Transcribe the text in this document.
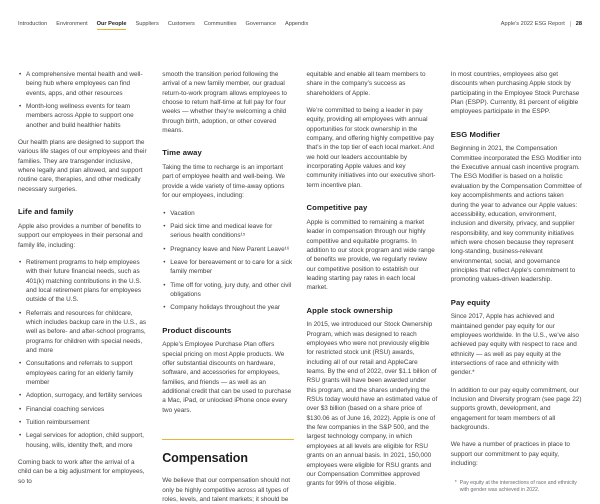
Introduction Environment Our People Suppliers Customers Communities Governance Appendix	Apple’s 2022 ESG Report 28
• A comprehensive mental health and well-being hub where employees can find events, apps, and other resources
• Month-long wellness events for team members across Apple to support one another and build healthier habits

Our health plans are designed to support the various life stages of our employees and their families. They are transgender inclusive, where legally and plan allowed, and support routine care, therapies, and other medically necessary surgeries.

Life and family

Apple also provides a number of benefits to support our employees in their personal and family life, including:

• Retirement programs to help employees with their future financial needs, such as 401(k) matching contributions in the U.S. and local retirement plans for employees outside of the U.S.
• Referrals and resources for childcare, which includes backup care in the U.S., as well as before- and after-school programs, programs for children with special needs, and more
• Consultations and referrals to support employees caring for an elderly family member
• Adoption, surrogacy, and fertility services
• Financial coaching services
• Tuition reimbursement
• Legal services for adoption, child support, housing, wills, identity theft, and more

Coming back to work after the arrival of a child can be a big adjustment for employees, so to

smooth the transition period following the arrival of a new family member, our gradual return-to-work program allows employees to choose to return half-time at full pay for four weeks — whether they’re welcoming a child through birth, adoption, or other covered means.

Time away

Taking the time to recharge is an important part of employee health and well-being. We provide a wide variety of time-away options for our employees, including:

• Vacation
• Paid sick time and medical leave for serious health conditions¹⁵
• Pregnancy leave and New Parent Leave¹⁶
• Leave for bereavement or to care for a sick family member
• Time off for voting, jury duty, and other civil obligations
• Company holidays throughout the year
Product discounts

Apple’s Employee Purchase Plan offers special pricing on most Apple products. We offer substantial discounts on hardware, software, and accessories for employees, families, and friends — as well as an additional credit that can be used to purchase a Mac, iPad, or unlocked iPhone once every two years.

Compensation

We believe that our compensation should not only be highly competitive across all types of roles, levels, and talent markets; it should be

equitable and enable all team members to share in the company’s success as shareholders of Apple.

We’re committed to being a leader in pay equity, providing all employees with annual opportunities for stock ownership in the company, and offering highly competitive pay that’s in the top tier of each local market. And we hold our leaders accountable by incorporating Apple values and key community initiatives into our executive short-term incentive plan.

Competitive pay

Apple is committed to remaining a market leader in compensation through our highly competitive and equitable programs. In addition to our stock program and wide range of benefits we provide, we regularly review our competitive position to establish our leading starting pay rates in each local market.

Apple stock ownership

In 2015, we introduced our Stock Ownership Program, which was designed to reach employees who were not previously eligible for restricted stock unit (RSU) awards, including all of our retail and AppleCare teams. By the end of 2022, over $1.1 billion of RSU grants will have been awarded under this program, and the shares underlying the RSUs today would have an estimated value of over $3 billion (based on a share price of $130.06 as of June 16, 2022). Apple is one of the few companies in the S&P 500, and the largest technology company, in which employees at all levels are eligible for RSU grants on an annual basis. In 2021, 150,000 employees were eligible for RSU grants and our Compensation Committee approved grants for 99% of those eligible.

In most countries, employees also get discounts when purchasing Apple stock by participating in the Employee Stock Purchase Plan (ESPP). Currently, 81 percent of eligible employees participate in the ESPP.

ESG Modifier

Beginning in 2021, the Compensation Committee incorporated the ESG Modifier into the Executive annual cash incentive program. The ESG Modifier is based on a holistic evaluation by the Compensation Committee of key accomplishments and actions taken during the year to advance our Apple values: accessibility, education, environment, inclusion and diversity, privacy, and supplier responsibility, and key community initiatives which were chosen because they represent long-standing, business-relevant environmental, social, and governance principles that reflect Apple’s commitment to promoting values-driven leadership.

Pay equity

Since 2017, Apple has achieved and maintained gender pay equity for our employees worldwide. In the U.S., we’ve also achieved pay equity with respect to race and ethnicity — as well as pay equity at the intersections of race and ethnicity with gender.*

In addition to our pay equity commitment, our Inclusion and Diversity program (see page 22) supports growth, development, and engagement for team members of all backgrounds.

We have a number of practices in place to support our commitment to pay equity, including:

* Pay equity at the intersections of race and ethnicity with gender was achieved in 2022.
